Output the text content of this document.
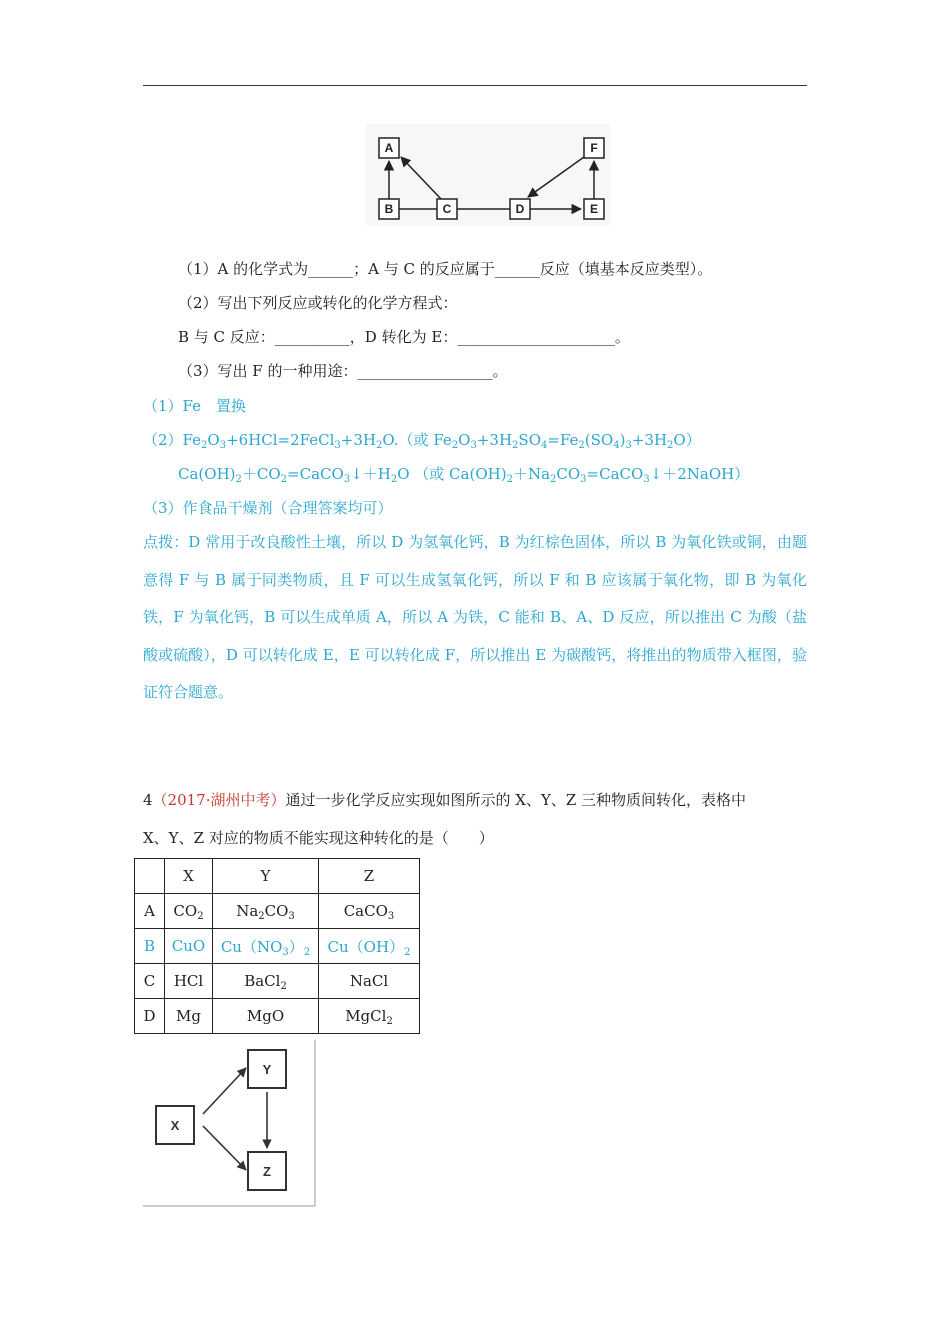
A
B	C	D	E
F
（1）A 的化学式为______；A 与 C 的反应属于______反应（填基本反应类型）。
（2）写出下列反应或转化的化学方程式：
B 与 C 反应：__________，D 转化为 E：_____________________。
（3）写出 F 的一种用途：__________________。
（1）Fe　置换
$(2)Fe_2O_3+6HCl=2FeCl_3+3H_2O$.（或 $Fe_2O_3+3H_2SO_4=Fe_2(SO_4)_3+3H_2O$）
$Ca(OH)_2+CO_2=CaCO_3↓+H_2O$ （或 $Ca(OH)_2+Na_2CO_3=CaCO_3↓+2NaOH$）
（3）作食品干燥剂（合理答案均可）
点拨：D 常用于改良酸性土壤，所以 D 为氢氧化钙，B 为红棕色固体，所以 B 为氧化铁或铜，由题意得 F 与 B 属于同类物质，且 F 可以生成氢氧化钙，所以 F 和 B 应该属于氧化物，即 B 为氧化铁，F 为氧化钙，B 可以生成单质 A，所以 A 为铁，C 能和 B、A、D 反应，所以推出 C 为酸（盐酸或硫酸），D 可以转化成 E，E 可以转化成 F，所以推出 E 为碳酸钙，将推出的物质带入框图，验证符合题意。
4（2017·湖州中考）通过一步化学反应实现如图所示的 X、Y、Z 三种物质间转化，表格中
X、Y、Z 对应的物质不能实现这种转化的是（　　）
	X	Y	Z
A	$CO_2$	$Na_2CO_3$	CaCO$_3$
B	CuO	$Cu(NO_3)_2$	$Cu(OH)_2$
C	HCl	BaCl$_2$	NaCl
D	Mg	MgO	MgCl$_2$
X
Y
Z
